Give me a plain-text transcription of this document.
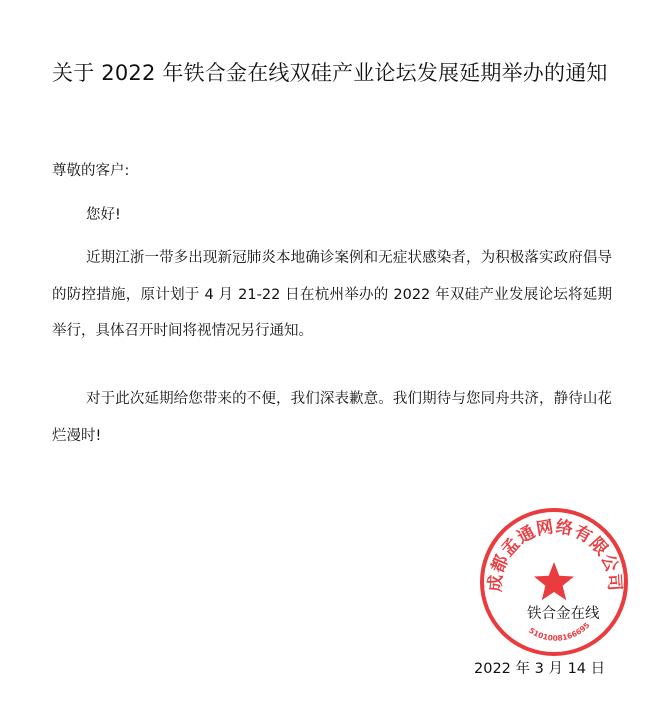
关于 2022 年铁合金在线双硅产业论坛发展延期举办的通知
尊敬的客户:
您好!
近期江浙一带多出现新冠肺炎本地确诊案例和无症状感染者，为积极落实政府倡导的防控措施，原计划于 4 月 21-22 日在杭州举办的 2022 年双硅产业发展论坛将延期举行，具体召开时间将视情况另行通知。
对于此次延期给您带来的不便，我们深表歉意。我们期待与您同舟共济，静待山花烂漫时!
成都孟通网络有限公司
5101008166695
铁合金在线
2022 年 3 月 14 日
